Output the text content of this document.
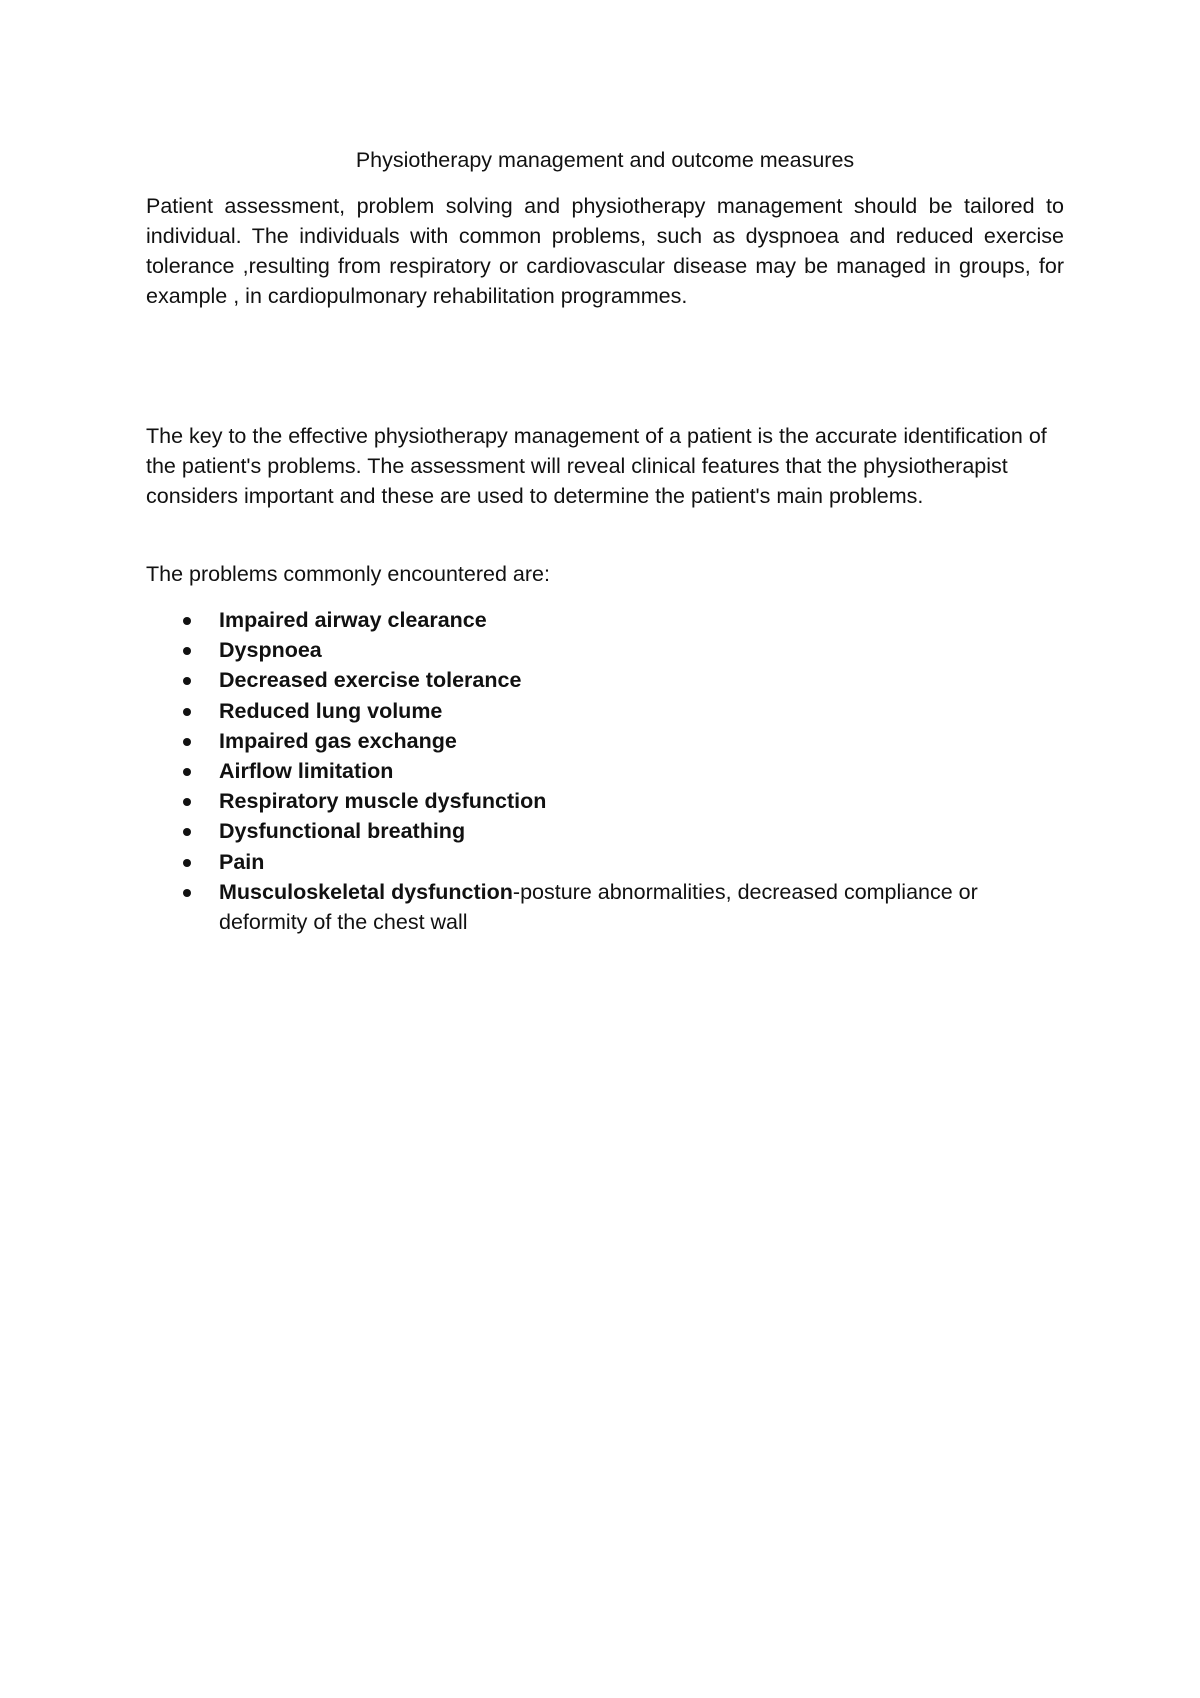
Physiotherapy management and outcome measures

Patient assessment, problem solving and physiotherapy management should be tailored to individual. The individuals with common problems, such as dyspnoea and reduced exercise tolerance ,resulting from respiratory or cardiovascular disease may be managed in groups, for example , in cardiopulmonary rehabilitation programmes.

The key to the effective physiotherapy management of a patient is the accurate identification of the patient's problems. The assessment will reveal clinical features that the physiotherapist considers important and these are used to determine the patient's main problems.

The problems commonly encountered are:

Impaired airway clearance
Dyspnoea
Decreased exercise tolerance
Reduced lung volume
Impaired gas exchange
Airflow limitation
Respiratory muscle dysfunction
Dysfunctional breathing
Pain
Musculoskeletal dysfunction-posture abnormalities, decreased compliance or deformity of the chest wall
